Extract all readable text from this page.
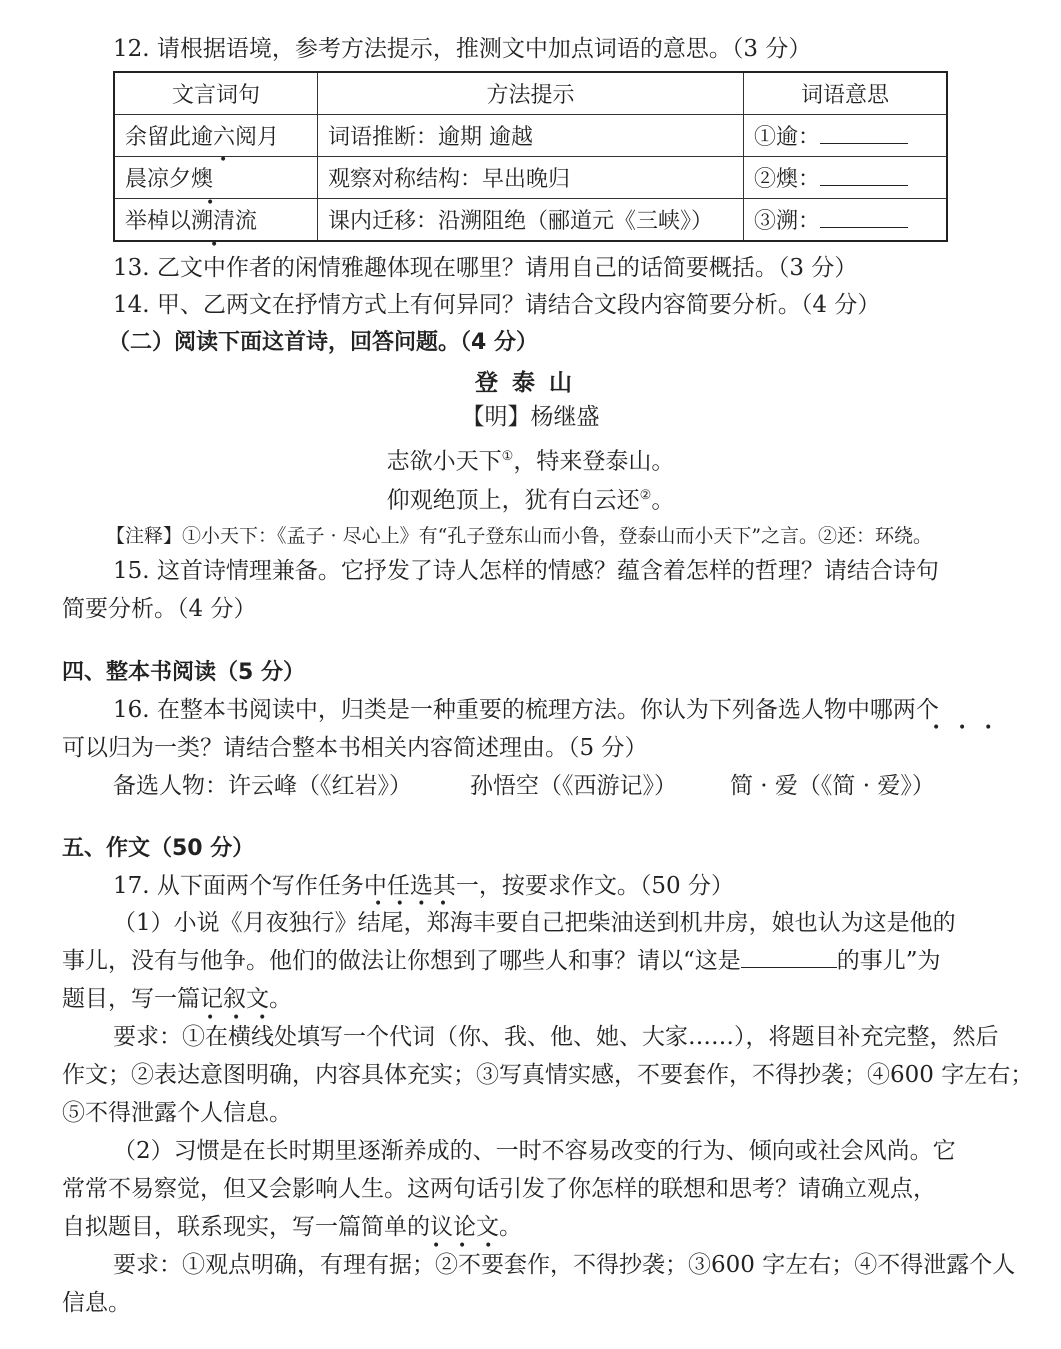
12. 请根据语境，参考方法提示，推测文中加点词语的意思。（3 分）
文言词句	方法提示	词语意思
余留此逾六阅月	词语推断：逾期 逾越	①逾：
晨凉夕燠	观察对称结构：早出晚归	②燠：
举棹以溯清流	课内迁移：沿溯阻绝（郦道元《三峡》）	③溯：
•
•
•
13. 乙文中作者的闲情雅趣体现在哪里？请用自己的话简要概括。（3 分）
14. 甲、乙两文在抒情方式上有何异同？请结合文段内容简要分析。（4 分）
（二）阅读下面这首诗，回答问题。（4 分）
登泰山
【明】杨继盛
志欲小天下①，特来登泰山。
仰观绝顶上，犹有白云还②。
【注释】①小天下：《孟子 · 尽心上》有“孔子登东山而小鲁，登泰山而小天下”之言。②还：环绕。
15. 这首诗情理兼备。它抒发了诗人怎样的情感？蕴含着怎样的哲理？请结合诗句
简要分析。（4 分）
四、整本书阅读（5 分）
16. 在整本书阅读中，归类是一种重要的梳理方法。你认为下列备选人物中哪两个
•    •    •
可以归为一类？请结合整本书相关内容简述理由。（5 分）
备选人物：许云峰（《红岩》）	孙悟空（《西游记》） 简 · 爱（《简 · 爱》）
五、作文（50 分）
17. 从下面两个写作任务中任选其一，按要求作文。（50 分）
•   •   •   •
（1）小说《月夜独行》结尾，郑海丰要自己把柴油送到机井房，娘也认为这是他的
事儿，没有与他争。他们的做法让你想到了哪些人和事？请以“这是	的事儿”为
题目，写一篇记叙文。
•    •    •
要求：①在横线处填写一个代词（你、我、他、她、大家……），将题目补充完整，然后
作文；②表达意图明确，内容具体充实；③写真情实感，不要套作，不得抄袭；④600 字左右；
⑤不得泄露个人信息。
（2）习惯是在长时期里逐渐养成的、一时不容易改变的行为、倾向或社会风尚。它
常常不易察觉，但又会影响人生。这两句话引发了你怎样的联想和思考？请确立观点，
自拟题目，联系现实，写一篇简单的议论文。
•    •    •
要求：①观点明确，有理有据；②不要套作，不得抄袭；③600 字左右；④不得泄露个人
信息。
